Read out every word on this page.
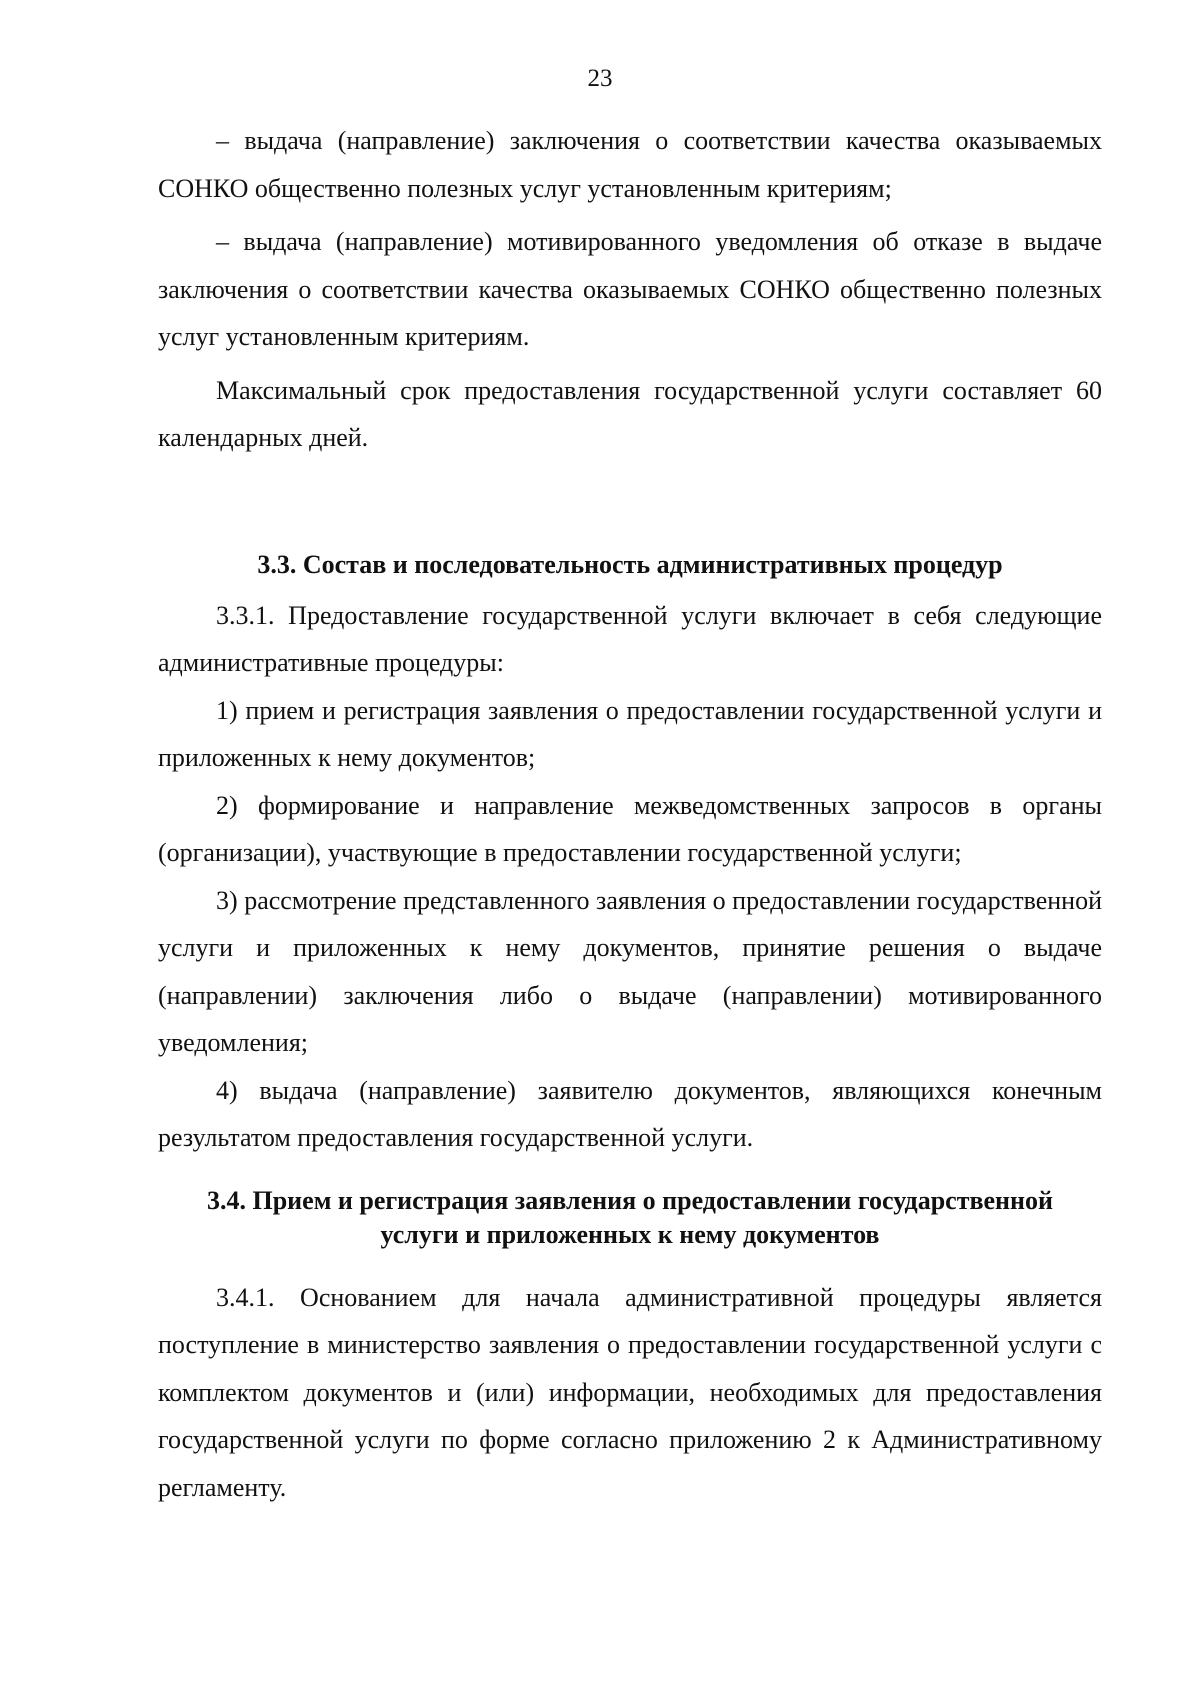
23

– выдача (направление) заключения о соответствии качества оказываемых СОНКО общественно полезных услуг установленным критериям;

– выдача (направление) мотивированного уведомления об отказе в выдаче заключения о соответствии качества оказываемых СОНКО общественно полезных услуг установленным критериям.

Максимальный срок предоставления государственной услуги составляет 60 календарных дней.

3.3. Состав и последовательность административных процедур

3.3.1. Предоставление государственной услуги включает в себя следующие административные процедуры:

1) прием и регистрация заявления о предоставлении государственной услуги и приложенных к нему документов;

2) формирование и направление межведомственных запросов в органы (организации), участвующие в предоставлении государственной услуги;

3) рассмотрение представленного заявления о предоставлении государственной услуги и приложенных к нему документов, принятие решения о выдаче (направлении) заключения либо о выдаче (направлении) мотивированного уведомления;

4) выдача (направление) заявителю документов, являющихся конечным результатом предоставления государственной услуги.

3.4. Прием и регистрация заявления о предоставлении государственной
услуги и приложенных к нему документов

3.4.1. Основанием для начала административной процедуры является поступление в министерство заявления о предоставлении государственной услуги с комплектом документов и (или) информации, необходимых для предоставления государственной услуги по форме согласно приложению 2 к Административному регламенту.
